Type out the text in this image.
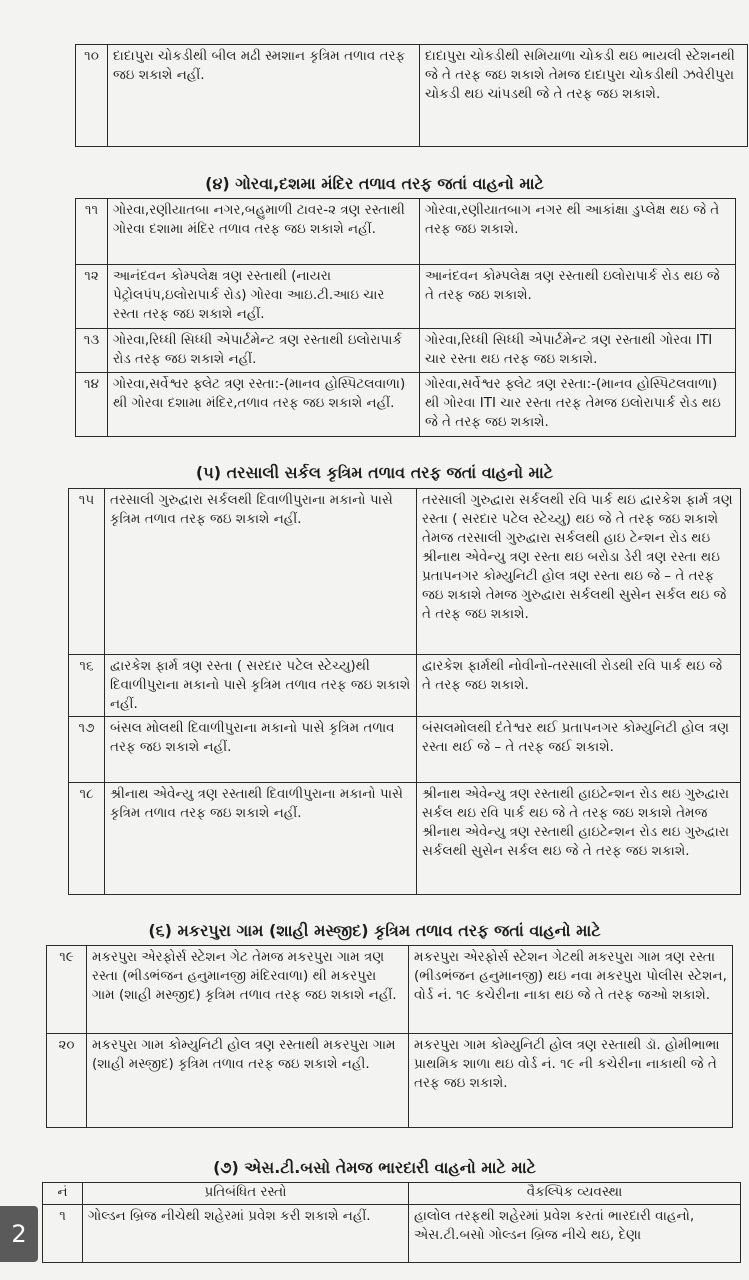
૧૦	દાદાપુરા ચોકડીથી બીલ મઢી સ્મશાન કૃત્રિમ તળાવ તરફ જઇ શકાશે નહીં.	દાદાપુરા ચોકડીથી સમિયાળા ચોકડી થઇ ભાયલી સ્ટેશનથી જે તે તરફ જઇ શકાશે તેમજ દાદાપુરા ચોકડીથી ઝવેરીપુરા ચોકડી થઇ ચાંપડથી જે તે તરફ જઇ શકાશે.
(૪) ગોરવા,દશમા મંદિર તળાવ તરફ જતાં વાહનો માટે
૧૧	ગોરવા,રણીયાતબા નગર,બહુમાળી ટાવર-૨ ત્રણ રસ્તાથી ગોરવા દશામા મંદિર તળાવ તરફ જઇ શકાશે નહીં.	ગોરવા,રણીયાતબાગ નગર થી આકાંક્ષા ડુપ્લેક્ષ થઇ જે તે તરફ જઇ શકાશે.
૧૨	આનંદવન કોમ્પલેક્ષ ત્રણ રસ્તાથી (નાયરા પેટ્રોલપંપ,ઇલોરાપાર્ક રોડ) ગોરવા આઇ.ટી.આઇ ચાર રસ્તા તરફ જઇ શકાશે નહીં.	આનંદવન કોમ્પલેક્ષ ત્રણ રસ્તાથી ઇલોરાપાર્ક રોડ થઇ જે તે તરફ જઇ શકાશે.
૧૩	ગોરવા,રિધ્ધી સિધ્ધી એપાર્ટમેન્ટ ત્રણ રસ્તાથી ઇલોરાપાર્ક રોડ તરફ જઇ શકાશે નહીં.	ગોરવા,રિધ્ધી સિધ્ધી એપાર્ટમેન્ટ ત્રણ રસ્તાથી ગોરવા ITI ચાર રસ્તા થઇ તરફ જઇ શકાશે.
૧૪	ગોરવા,સર્વેશ્વર ફ્લેટ ત્રણ રસ્તા:-(માનવ હોસ્પિટલવાળા) થી ગોરવા દશામા મંદિર,તળાવ તરફ જઇ શકાશે નહીં.	ગોરવા,સર્વેશ્વર ફ્લેટ ત્રણ રસ્તા:-(માનવ હોસ્પિટલવાળા) થી ગોરવા ITI ચાર રસ્તા તરફ તેમજ ઇલોરાપાર્ક રોડ થઇ જે તે તરફ જઇ શકાશે.
(૫) તરસાલી સર્કલ કૃત્રિમ તળાવ તરફ જતાં વાહનો માટે
૧૫	તરસાલી ગુરુદ્વારા સર્કલથી દિવાળીપુરાના મકાનો પાસે કૃત્રિમ તળાવ તરફ જઇ શકાશે નહીં.	તરસાલી ગુરુદ્વારા સર્કલથી રવિ પાર્ક થઇ દ્વારકેશ ફાર્મ ત્રણ રસ્તા ( સરદાર પટેલ સ્ટેચ્યુ) થઇ જે તે તરફ જઇ શકાશે તેમજ તરસાલી ગુરુદ્વારા સર્કલથી હાઇ ટેન્શન રોડ થઇ શ્રીનાથ એવેન્યુ ત્રણ રસ્તા થઇ બરોડા ડેરી ત્રણ રસ્તા થઇ પ્રતાપનગર કોમ્યુનિટી હોલ ત્રણ રસ્તા થઇ જે – તે તરફ જઇ શકાશે તેમજ ગુરુદ્વારા સર્કલથી સુસેન સર્કલ થઇ જે તે તરફ જઇ શકાશે.
૧૬	દ્વારકેશ ફાર્મ ત્રણ રસ્તા ( સરદાર પટેલ સ્ટેચ્યુ)થી દિવાળીપુરાના મકાનો પાસે કૃત્રિમ તળાવ તરફ જઇ શકાશે નહીં.	દ્વારકેશ ફાર્મથી નોવીનો-તરસાલી રોડથી રવિ પાર્ક થઇ જે તે તરફ જઇ શકાશે.
૧૭	બંસલ મોલથી દિવાળીપુરાના મકાનો પાસે કૃત્રિમ તળાવ તરફ જઇ શકાશે નહીં.	બંસલમોલથી દંતેશ્વર થઈ પ્રતાપનગર કોમ્યુનિટી હોલ ત્રણ રસ્તા થઈ જે – તે તરફ જઈ શકાશે.
૧૮	શ્રીનાથ એવેન્યુ ત્રણ રસ્તાથી દિવાળીપુરાના મકાનો પાસે કૃત્રિમ તળાવ તરફ જઇ શકાશે નહીં.	શ્રીનાથ એવેન્યુ ત્રણ રસ્તાથી હાઇટેન્શન રોડ થઇ ગુરુદ્વારા સર્કલ થઇ રવિ પાર્ક થઇ જે તે તરફ જઇ શકાશે તેમજ શ્રીનાથ એવેન્યુ ત્રણ રસ્તાથી હાઇટેન્શન રોડ થઇ ગુરુદ્વારા સર્કલથી સુસેન સર્કલ થઇ જે તે તરફ જઇ શકાશે.
(૬) મકરપુરા ગામ (શાહી મસ્જીદ) કૃત્રિમ તળાવ તરફ જતાં વાહનો માટે
૧૯	મકરપુરા એરફોર્સ સ્ટેશન ગેટ તેમજ મકરપુરા ગામ ત્રણ રસ્તા (ભીડભંજન હનુમાનજી મંદિરવાળા) થી મકરપુરા ગામ (શાહી મસ્જીદ) કૃત્રિમ તળાવ તરફ જઇ શકાશે નહીં.	મકરપુરા એરફોર્સ સ્ટેશન ગેટથી મકરપુરા ગામ ત્રણ રસ્તા (ભીડભંજન હનુમાનજી) થઇ નવા મકરપુરા પોલીસ સ્ટેશન, વોર્ડ નં. ૧૯ કચેરીના નાકા થઇ જે તે તરફ જઓ શકાશે.
૨૦	મકરપુરા ગામ કોમ્યુનિટી હોલ ત્રણ રસ્તાથી મકરપુરા ગામ (શાહી મસ્જીદ) કૃત્રિમ તળાવ તરફ જઇ શકાશે નહી.	મકરપુરા ગામ કોમ્યુનિટી હોલ ત્રણ રસ્તાથી ડૉ. હોમીભાભા પ્રાથમિક શાળા થઇ વોર્ડ નં. ૧૯ ની કચેરીના નાકાથી જે તે તરફ જઇ શકાશે.
(૭) એસ.ટી.બસો તેમજ ભારદારી વાહનો માટે માટે
નં	પ્રતિબંધિત રસ્તો	વૈકલ્પિક વ્યવસ્થા
૧	ગોલ્ડન બ્રિજ નીચેથી શહેરમાં પ્રવેશ કરી શકાશે નહીં.	હાલોલ તરફથી શહેરમાં પ્રવેશ કરતાં ભારદારી વાહનો, એસ.ટી.બસો ગોલ્ડન બ્રિજ નીચે થઇ, દેણા
2
